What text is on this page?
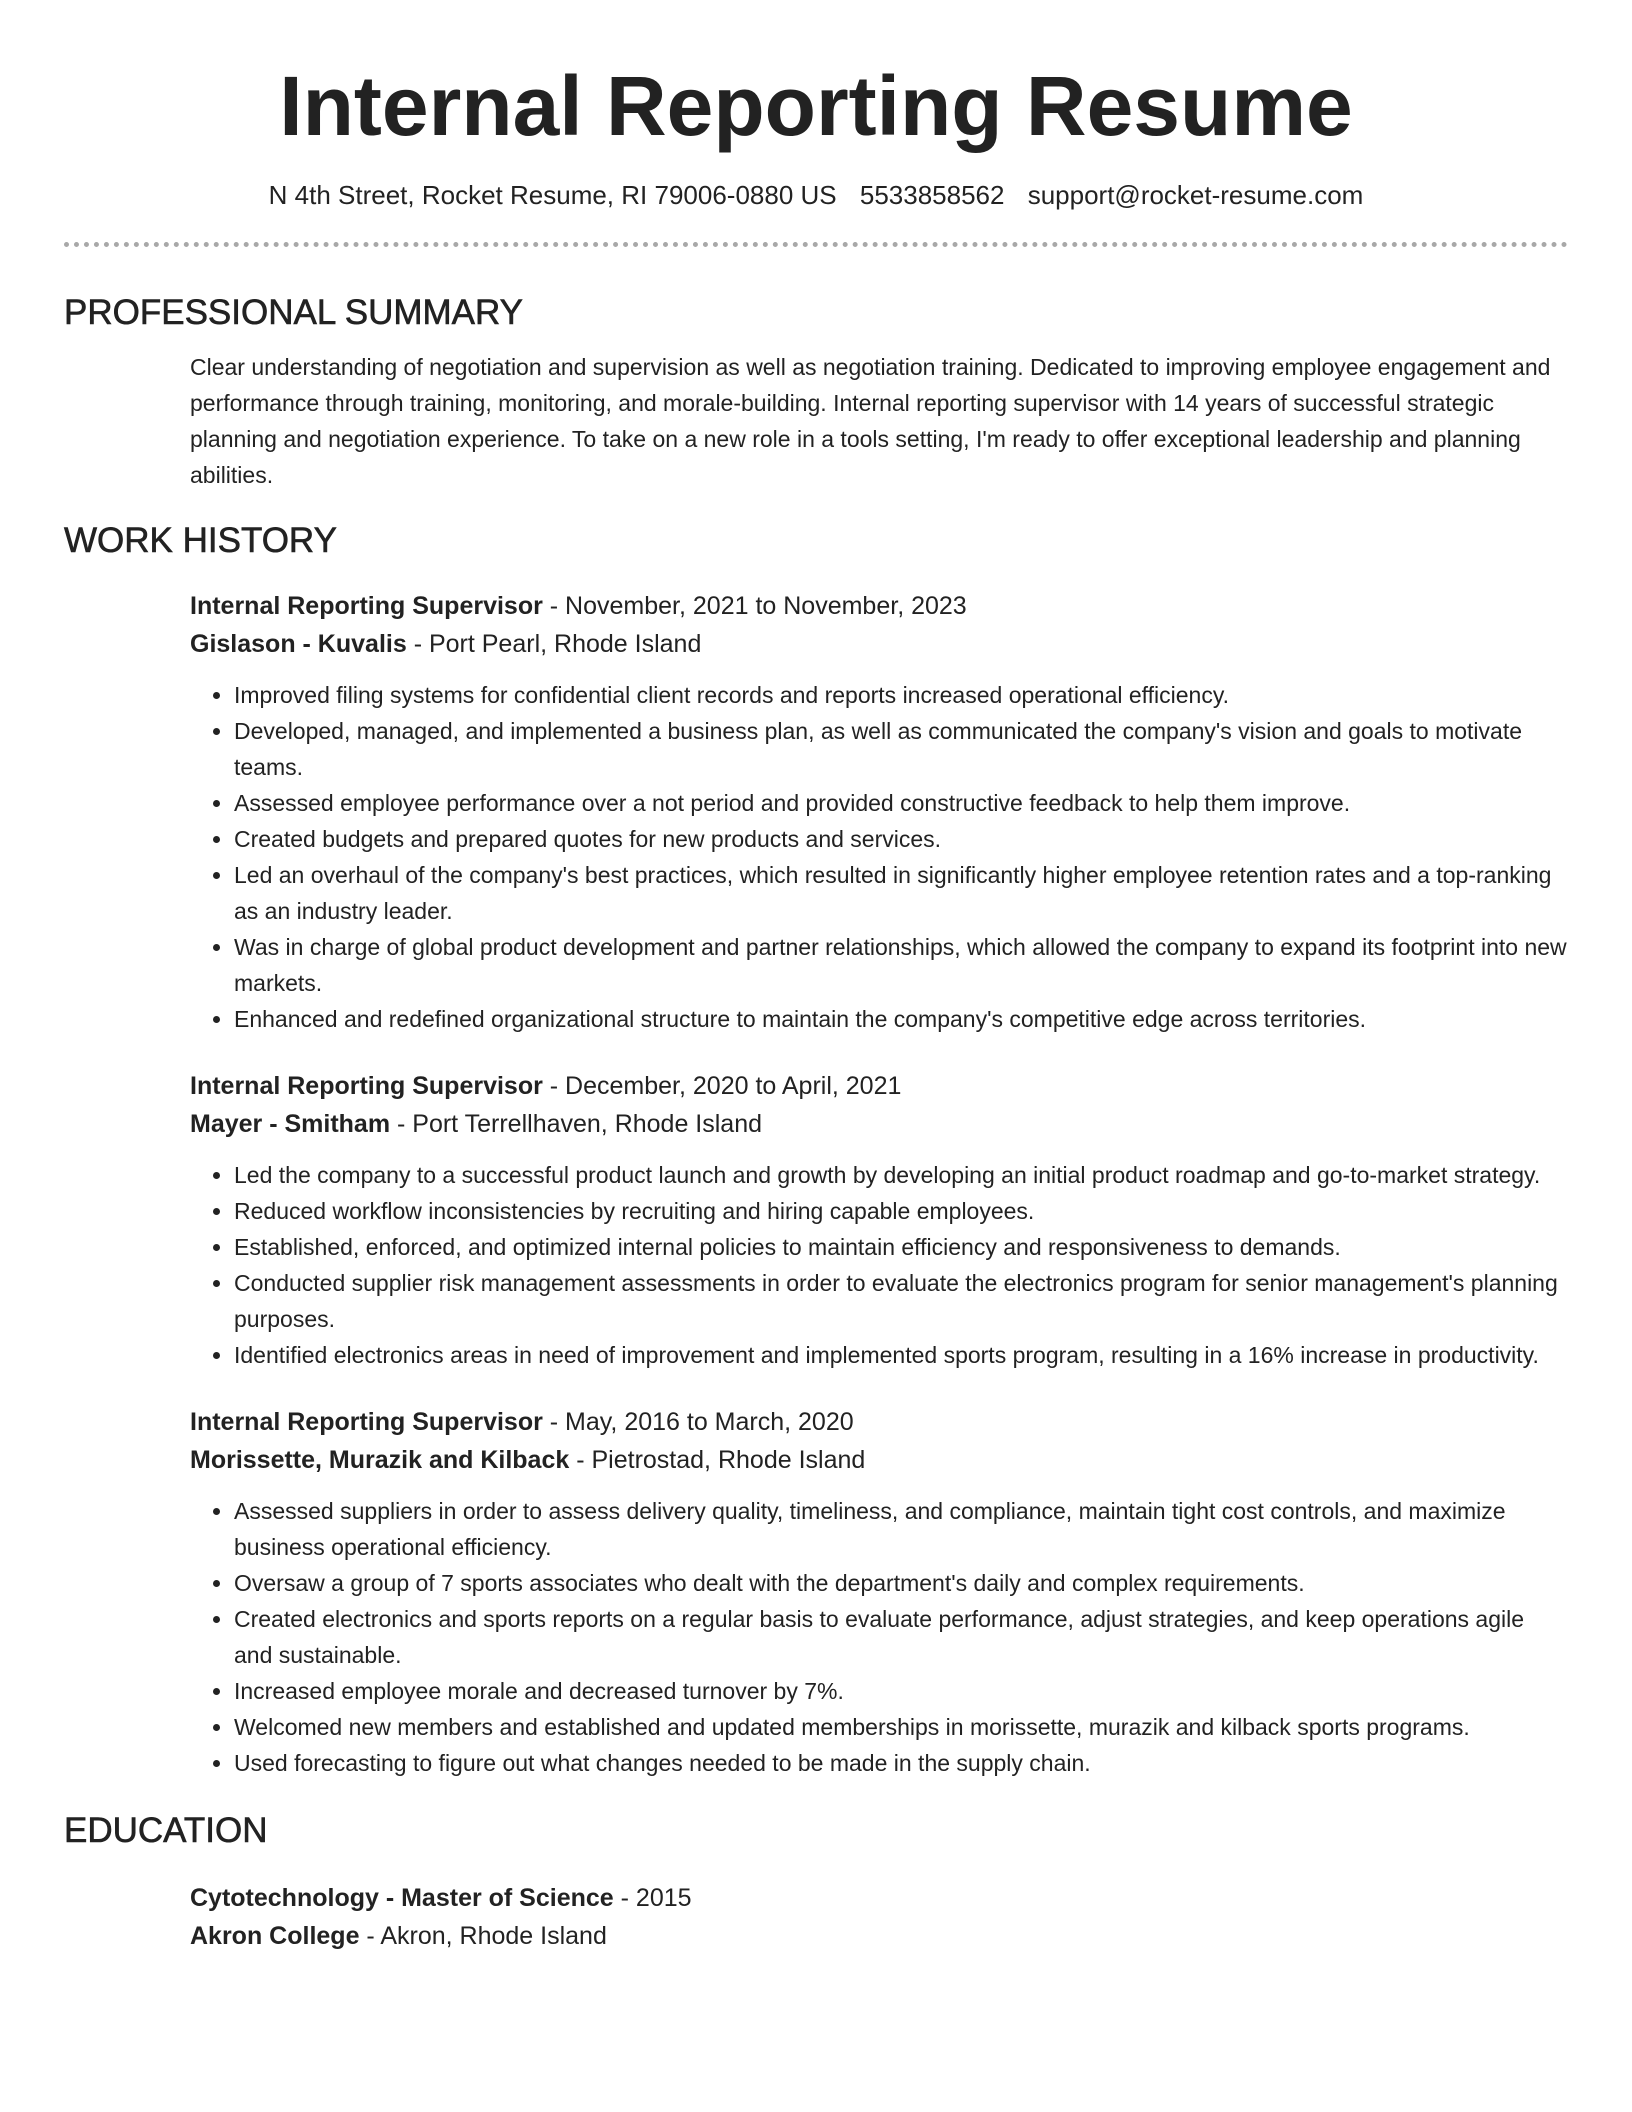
Internal Reporting Resume
N 4th Street, Rocket Resume, RI 79006-0880 US 5533858562 support@rocket-resume.com
PROFESSIONAL SUMMARY

Clear understanding of negotiation and supervision as well as negotiation training. Dedicated to improving employee engagement and performance through training, monitoring, and morale-building. Internal reporting supervisor with 14 years of successful strategic planning and negotiation experience. To take on a new role in a tools setting, I'm ready to offer exceptional leadership and planning abilities.

WORK HISTORY
Internal Reporting Supervisor - November, 2021 to November, 2023
Gislason - Kuvalis - Port Pearl, Rhode Island
• Improved filing systems for confidential client records and reports increased operational efficiency.
• Developed, managed, and implemented a business plan, as well as communicated the company's vision and goals to motivate teams.
• Assessed employee performance over a not period and provided constructive feedback to help them improve.
• Created budgets and prepared quotes for new products and services.
• Led an overhaul of the company's best practices, which resulted in significantly higher employee retention rates and a top-ranking as an industry leader.
• Was in charge of global product development and partner relationships, which allowed the company to expand its footprint into new markets.
• Enhanced and redefined organizational structure to maintain the company's competitive edge across territories.
Internal Reporting Supervisor - December, 2020 to April, 2021
Mayer - Smitham - Port Terrellhaven, Rhode Island
• Led the company to a successful product launch and growth by developing an initial product roadmap and go-to-market strategy.
• Reduced workflow inconsistencies by recruiting and hiring capable employees.
• Established, enforced, and optimized internal policies to maintain efficiency and responsiveness to demands.
• Conducted supplier risk management assessments in order to evaluate the electronics program for senior management's planning purposes.
• Identified electronics areas in need of improvement and implemented sports program, resulting in a 16% increase in productivity.
Internal Reporting Supervisor - May, 2016 to March, 2020
Morissette, Murazik and Kilback - Pietrostad, Rhode Island
• Assessed suppliers in order to assess delivery quality, timeliness, and compliance, maintain tight cost controls, and maximize business operational efficiency.
• Oversaw a group of 7 sports associates who dealt with the department's daily and complex requirements.
• Created electronics and sports reports on a regular basis to evaluate performance, adjust strategies, and keep operations agile and sustainable.
• Increased employee morale and decreased turnover by 7%.
• Welcomed new members and established and updated memberships in morissette, murazik and kilback sports programs.
• Used forecasting to figure out what changes needed to be made in the supply chain.
EDUCATION
Cytotechnology - Master of Science - 2015
Akron College - Akron, Rhode Island
